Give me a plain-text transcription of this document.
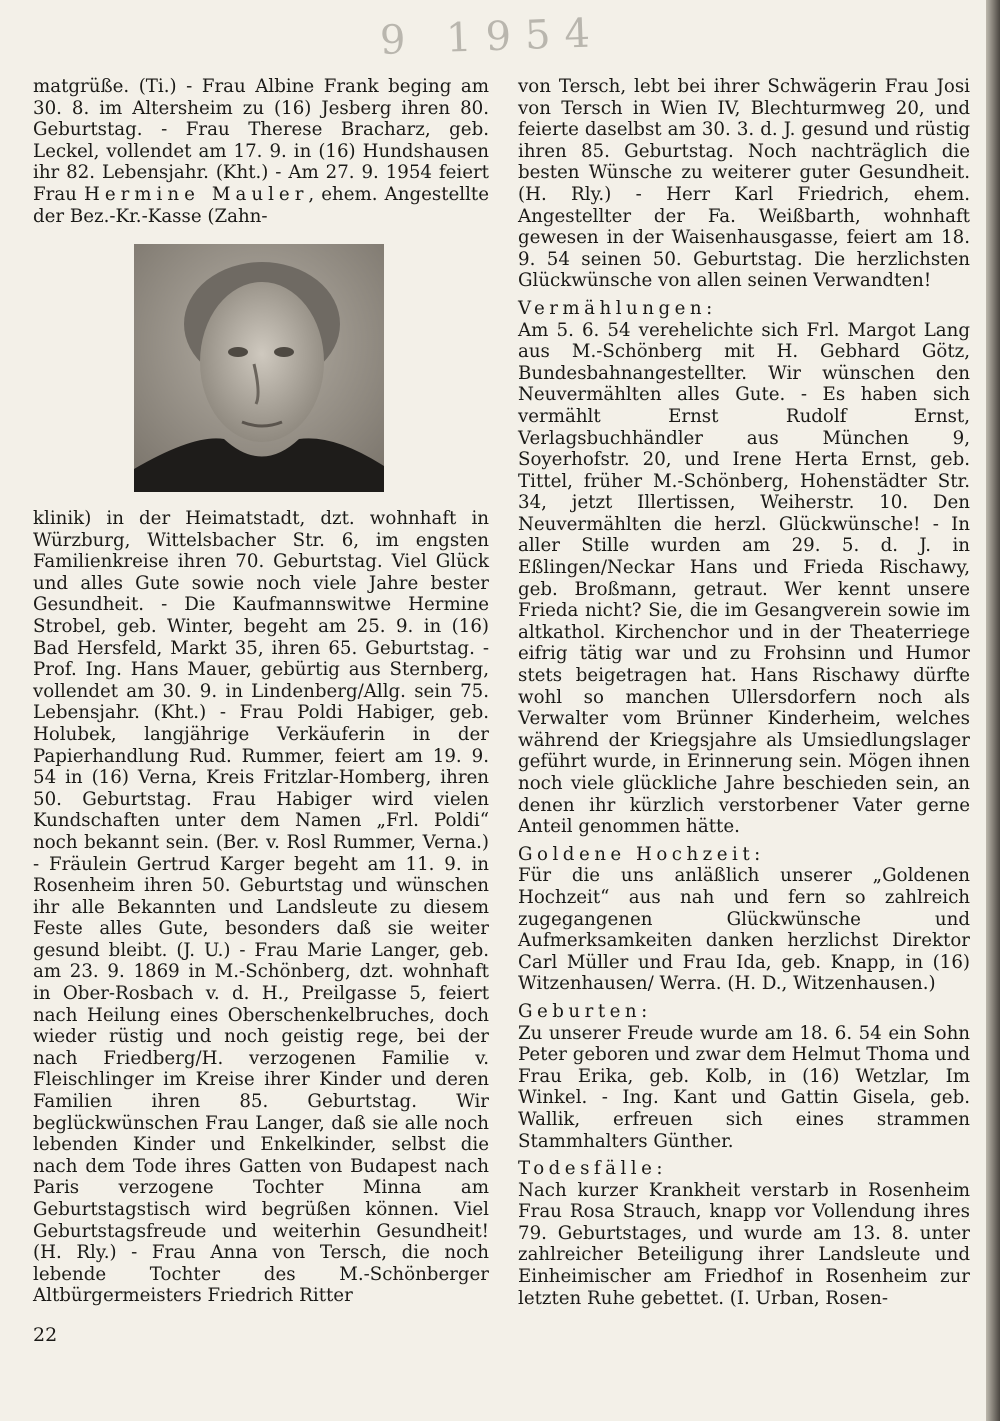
9 1954

matgrüße. (Ti.) - Frau Albine Frank beging am 30. 8. im Altersheim zu (16) Jesberg ihren 80. Geburtstag. - Frau Therese Bracharz, geb. Leckel, vollendet am 17. 9. in (16) Hundshausen ihr 82. Lebensjahr. (Kht.) - Am 27. 9. 1954 feiert Frau Hermine Mauler, ehem. Angestellte der Bez.-Kr.-Kasse (Zahn-

klinik) in der Heimatstadt, dzt. wohnhaft in Würzburg, Wittelsbacher Str. 6, im engsten Familienkreise ihren 70. Geburtstag. Viel Glück und alles Gute sowie noch viele Jahre bester Gesundheit. - Die Kaufmannswitwe Hermine Strobel, geb. Winter, begeht am 25. 9. in (16) Bad Hersfeld, Markt 35, ihren 65. Geburtstag. - Prof. Ing. Hans Mauer, gebürtig aus Sternberg, vollendet am 30. 9. in Lindenberg/Allg. sein 75. Lebensjahr. (Kht.) - Frau Poldi Habiger, geb. Holubek, langjährige Verkäuferin in der Papierhandlung Rud. Rummer, feiert am 19. 9. 54 in (16) Verna, Kreis Fritzlar-Homberg, ihren 50. Geburtstag. Frau Habiger wird vielen Kundschaften unter dem Namen „Frl. Poldi“ noch bekannt sein. (Ber. v. Rosl Rummer, Verna.) - Fräulein Gertrud Karger begeht am 11. 9. in Rosenheim ihren 50. Geburtstag und wünschen ihr alle Bekannten und Landsleute zu diesem Feste alles Gute, besonders daß sie weiter gesund bleibt. (J. U.) - Frau Marie Langer, geb. am 23. 9. 1869 in M.-Schönberg, dzt. wohnhaft in Ober-Rosbach v. d. H., Preilgasse 5, feiert nach Heilung eines Oberschenkelbruches, doch wieder rüstig und noch geistig rege, bei der nach Friedberg/H. verzogenen Familie v. Fleischlinger im Kreise ihrer Kinder und deren Familien ihren 85. Geburtstag. Wir beglückwünschen Frau Langer, daß sie alle noch lebenden Kinder und Enkelkinder, selbst die nach dem Tode ihres Gatten von Budapest nach Paris verzogene Tochter Minna am Geburtstagstisch wird begrüßen können. Viel Geburtstagsfreude und weiterhin Gesundheit! (H. Rly.) - Frau Anna von Tersch, die noch lebende Tochter des M.-Schönberger Altbürgermeisters Friedrich Ritter

von Tersch, lebt bei ihrer Schwägerin Frau Josi von Tersch in Wien IV, Blechturmweg 20, und feierte daselbst am 30. 3. d. J. gesund und rüstig ihren 85. Geburtstag. Noch nachträglich die besten Wünsche zu weiterer guter Gesundheit. (H. Rly.) - Herr Karl Friedrich, ehem. Angestellter der Fa. Weißbarth, wohnhaft gewesen in der Waisenhausgasse, feiert am 18. 9. 54 seinen 50. Geburtstag. Die herzlichsten Glückwünsche von allen seinen Verwandten!

Vermählungen:

Am 5. 6. 54 verehelichte sich Frl. Margot Lang aus M.-Schönberg mit H. Gebhard Götz, Bundesbahnangestellter. Wir wünschen den Neuvermählten alles Gute. - Es haben sich vermählt Ernst Rudolf Ernst, Verlagsbuchhändler aus München 9, Soyerhofstr. 20, und Irene Herta Ernst, geb. Tittel, früher M.-Schönberg, Hohenstädter Str. 34, jetzt Illertissen, Weiherstr. 10. Den Neuvermählten die herzl. Glückwünsche! - In aller Stille wurden am 29. 5. d. J. in Eßlingen/Neckar Hans und Frieda Rischawy, geb. Broßmann, getraut. Wer kennt unsere Frieda nicht? Sie, die im Gesangverein sowie im altkathol. Kirchenchor und in der Theaterriege eifrig tätig war und zu Frohsinn und Humor stets beigetragen hat. Hans Rischawy dürfte wohl so manchen Ullersdorfern noch als Verwalter vom Brünner Kinderheim, welches während der Kriegsjahre als Umsiedlungslager geführt wurde, in Erinnerung sein. Mögen ihnen noch viele glückliche Jahre beschieden sein, an denen ihr kürzlich verstorbener Vater gerne Anteil genommen hätte.

Goldene Hochzeit:

Für die uns anläßlich unserer „Goldenen Hochzeit“ aus nah und fern so zahlreich zugegangenen Glückwünsche und Aufmerksamkeiten danken herzlichst Direktor Carl Müller und Frau Ida, geb. Knapp, in (16) Witzenhausen/ Werra. (H. D., Witzenhausen.)

Geburten:

Zu unserer Freude wurde am 18. 6. 54 ein Sohn Peter geboren und zwar dem Helmut Thoma und Frau Erika, geb. Kolb, in (16) Wetzlar, Im Winkel. - Ing. Kant und Gattin Gisela, geb. Wallik, erfreuen sich eines strammen Stammhalters Günther.

Todesfälle:

Nach kurzer Krankheit verstarb in Rosenheim Frau Rosa Strauch, knapp vor Vollendung ihres 79. Geburtstages, und wurde am 13. 8. unter zahlreicher Beteiligung ihrer Landsleute und Einheimischer am Friedhof in Rosenheim zur letzten Ruhe gebettet. (I. Urban, Rosen-

22
